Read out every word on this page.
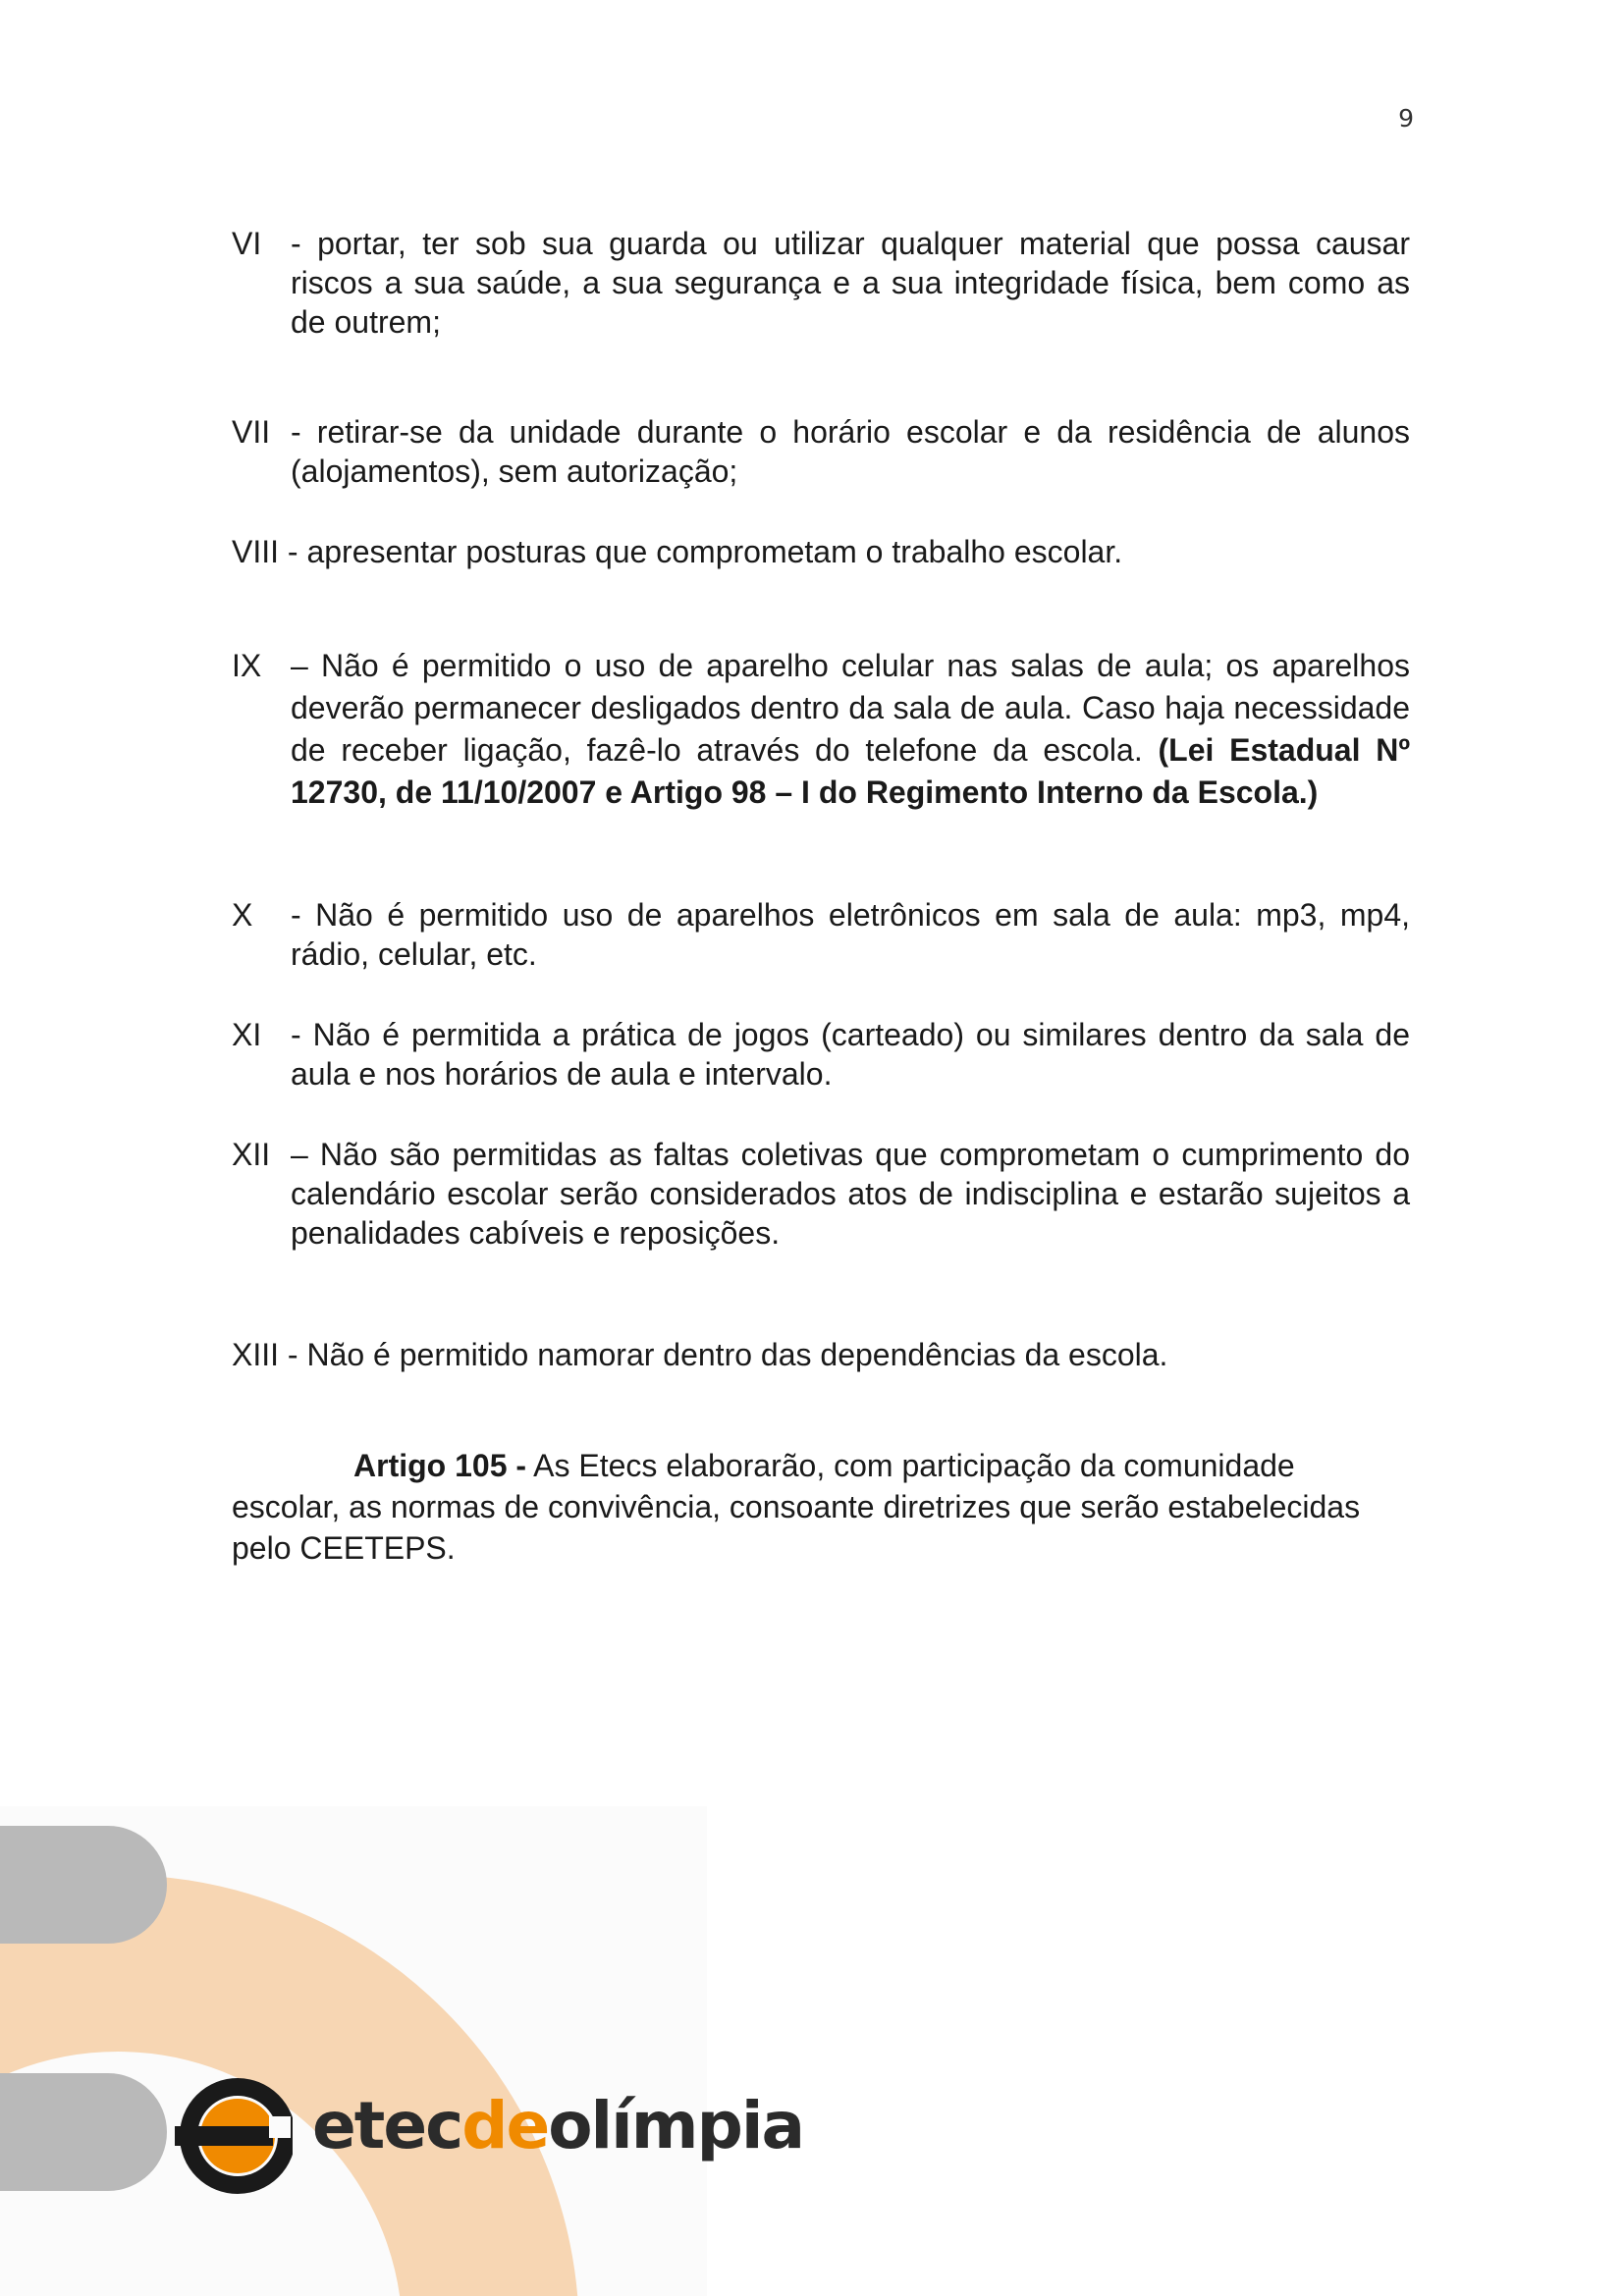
9
VI - portar, ter sob sua guarda ou utilizar qualquer material que possa causar riscos a sua saúde, a sua segurança e a sua integridade física, bem como as de outrem;
VII - retirar-se da unidade durante o horário escolar e da residência de alunos (alojamentos), sem autorização;
VIII - apresentar posturas que comprometam o trabalho escolar.
IX – Não é permitido o uso de aparelho celular nas salas de aula; os aparelhos deverão permanecer desligados dentro da sala de aula. Caso haja necessidade de receber ligação, fazê-lo através do telefone da escola. (Lei Estadual Nº 12730, de 11/10/2007 e Artigo 98 – I do Regimento Interno da Escola.)
X - Não é permitido uso de aparelhos eletrônicos em sala de aula: mp3, mp4, rádio, celular, etc.
XI - Não é permitida a prática de jogos (carteado) ou similares dentro da sala de aula e nos horários de aula e intervalo.
XII – Não são permitidas as faltas coletivas que comprometam o cumprimento do calendário escolar serão considerados atos de indisciplina e estarão sujeitos a penalidades cabíveis e reposições.
XIII - Não é permitido namorar dentro das dependências da escola.
Artigo 105 - As Etecs elaborarão, com participação da comunidade escolar, as normas de convivência, consoante diretrizes que serão estabelecidas pelo CEETEPS.
etecdeolímpia
